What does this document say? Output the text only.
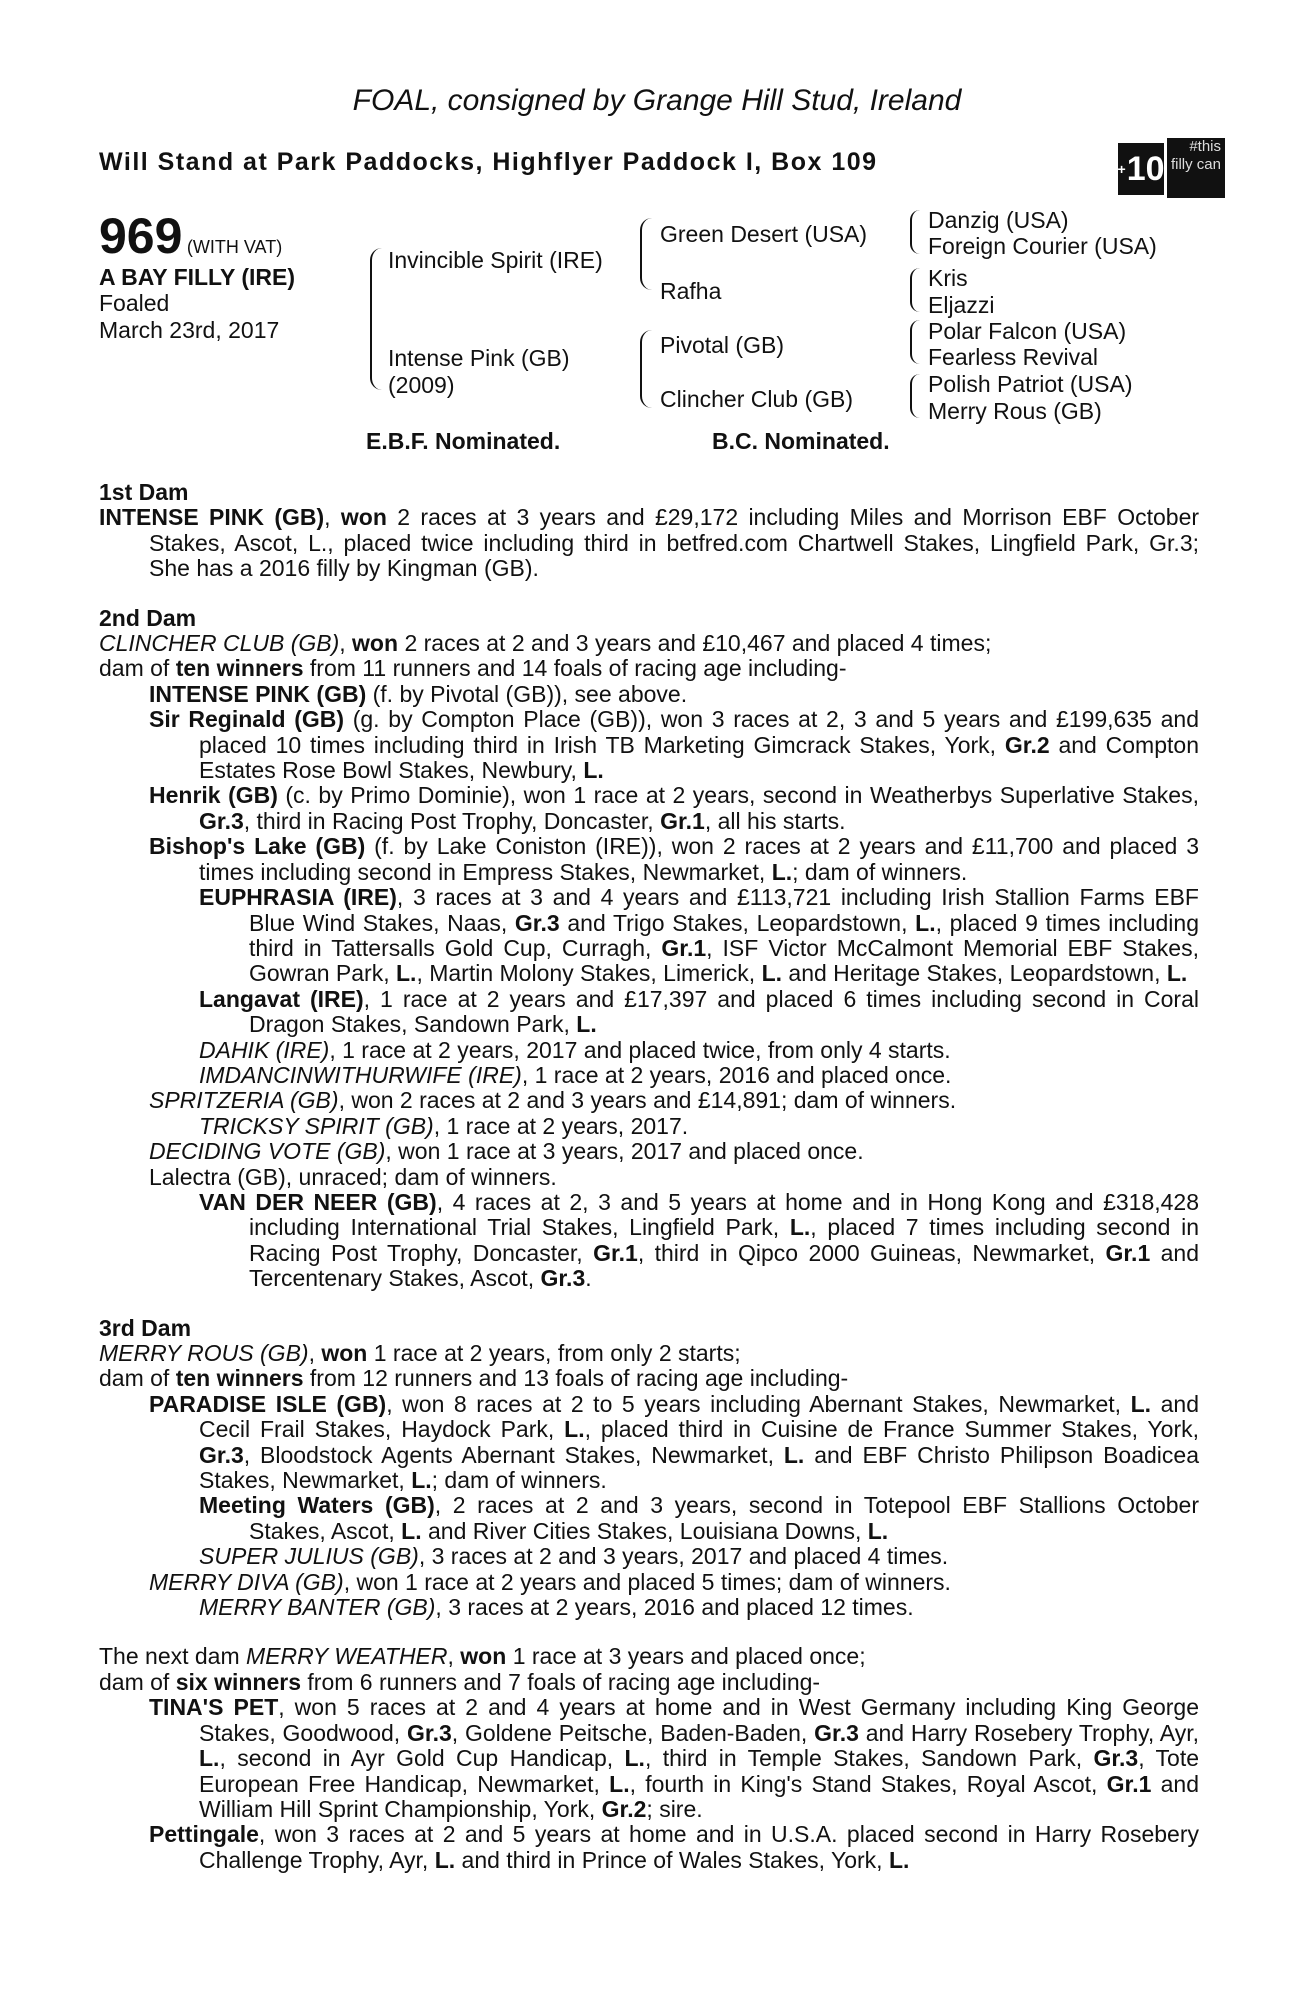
FOAL, consigned by Grange Hill Stud, Ireland
Will Stand at Park Paddocks, Highflyer Paddock I, Box 109	+ 10
#this filly can
969 (WITH VAT)
A BAY FILLY (IRE)
Foaled
March 23rd, 2017
Invincible Spirit (IRE)
Intense Pink (GB)
(2009)
Green Desert (USA)
Rafha
Pivotal (GB)
Clincher Club (GB)
Danzig (USA)
Foreign Courier (USA)
Kris
Eljazzi
Polar Falcon (USA)
Fearless Revival
Polish Patriot (USA)
Merry Rous (GB)
E.B.F. Nominated.	B.C. Nominated.

1st Dam

INTENSE PINK (GB), won 2 races at 3 years and £29,172 including Miles and Morrison EBF October Stakes, Ascot, L., placed twice including third in betfred.com Chartwell Stakes, Lingfield Park, Gr.3; She has a 2016 filly by Kingman (GB).

2nd Dam

CLINCHER CLUB (GB), won 2 races at 2 and 3 years and £10,467 and placed 4 times;

dam of ten winners from 11 runners and 14 foals of racing age including-

INTENSE PINK (GB) (f. by Pivotal (GB)), see above.

Sir Reginald (GB) (g. by Compton Place (GB)), won 3 races at 2, 3 and 5 years and £199,635 and placed 10 times including third in Irish TB Marketing Gimcrack Stakes, York, Gr.2 and Compton Estates Rose Bowl Stakes, Newbury, L.

Henrik (GB) (c. by Primo Dominie), won 1 race at 2 years, second in Weatherbys Superlative Stakes, Gr.3, third in Racing Post Trophy, Doncaster, Gr.1, all his starts.

Bishop's Lake (GB) (f. by Lake Coniston (IRE)), won 2 races at 2 years and £11,700 and placed 3 times including second in Empress Stakes, Newmarket, L.; dam of winners.

EUPHRASIA (IRE), 3 races at 3 and 4 years and £113,721 including Irish Stallion Farms EBF Blue Wind Stakes, Naas, Gr.3 and Trigo Stakes, Leopardstown, L., placed 9 times including third in Tattersalls Gold Cup, Curragh, Gr.1, ISF Victor McCalmont Memorial EBF Stakes, Gowran Park, L., Martin Molony Stakes, Limerick, L. and Heritage Stakes, Leopardstown, L.

Langavat (IRE), 1 race at 2 years and £17,397 and placed 6 times including second in Coral Dragon Stakes, Sandown Park, L.

DAHIK (IRE), 1 race at 2 years, 2017 and placed twice, from only 4 starts.

IMDANCINWITHURWIFE (IRE), 1 race at 2 years, 2016 and placed once.

SPRITZERIA (GB), won 2 races at 2 and 3 years and £14,891; dam of winners.

TRICKSY SPIRIT (GB), 1 race at 2 years, 2017.

DECIDING VOTE (GB), won 1 race at 3 years, 2017 and placed once.

Lalectra (GB), unraced; dam of winners.

VAN DER NEER (GB), 4 races at 2, 3 and 5 years at home and in Hong Kong and £318,428 including International Trial Stakes, Lingfield Park, L., placed 7 times including second in Racing Post Trophy, Doncaster, Gr.1, third in Qipco 2000 Guineas, Newmarket, Gr.1 and Tercentenary Stakes, Ascot, Gr.3.

3rd Dam

MERRY ROUS (GB), won 1 race at 2 years, from only 2 starts;

dam of ten winners from 12 runners and 13 foals of racing age including-

PARADISE ISLE (GB), won 8 races at 2 to 5 years including Abernant Stakes, Newmarket, L. and Cecil Frail Stakes, Haydock Park, L., placed third in Cuisine de France Summer Stakes, York, Gr.3, Bloodstock Agents Abernant Stakes, Newmarket, L. and EBF Christo Philipson Boadicea Stakes, Newmarket, L.; dam of winners.

Meeting Waters (GB), 2 races at 2 and 3 years, second in Totepool EBF Stallions October Stakes, Ascot, L. and River Cities Stakes, Louisiana Downs, L.

SUPER JULIUS (GB), 3 races at 2 and 3 years, 2017 and placed 4 times.

MERRY DIVA (GB), won 1 race at 2 years and placed 5 times; dam of winners.

MERRY BANTER (GB), 3 races at 2 years, 2016 and placed 12 times.

The next dam MERRY WEATHER, won 1 race at 3 years and placed once;

dam of six winners from 6 runners and 7 foals of racing age including-

TINA'S PET, won 5 races at 2 and 4 years at home and in West Germany including King George Stakes, Goodwood, Gr.3, Goldene Peitsche, Baden-Baden, Gr.3 and Harry Rosebery Trophy, Ayr, L., second in Ayr Gold Cup Handicap, L., third in Temple Stakes, Sandown Park, Gr.3, Tote European Free Handicap, Newmarket, L., fourth in King's Stand Stakes, Royal Ascot, Gr.1 and William Hill Sprint Championship, York, Gr.2; sire.

Pettingale, won 3 races at 2 and 5 years at home and in U.S.A. placed second in Harry Rosebery Challenge Trophy, Ayr, L. and third in Prince of Wales Stakes, York, L.
